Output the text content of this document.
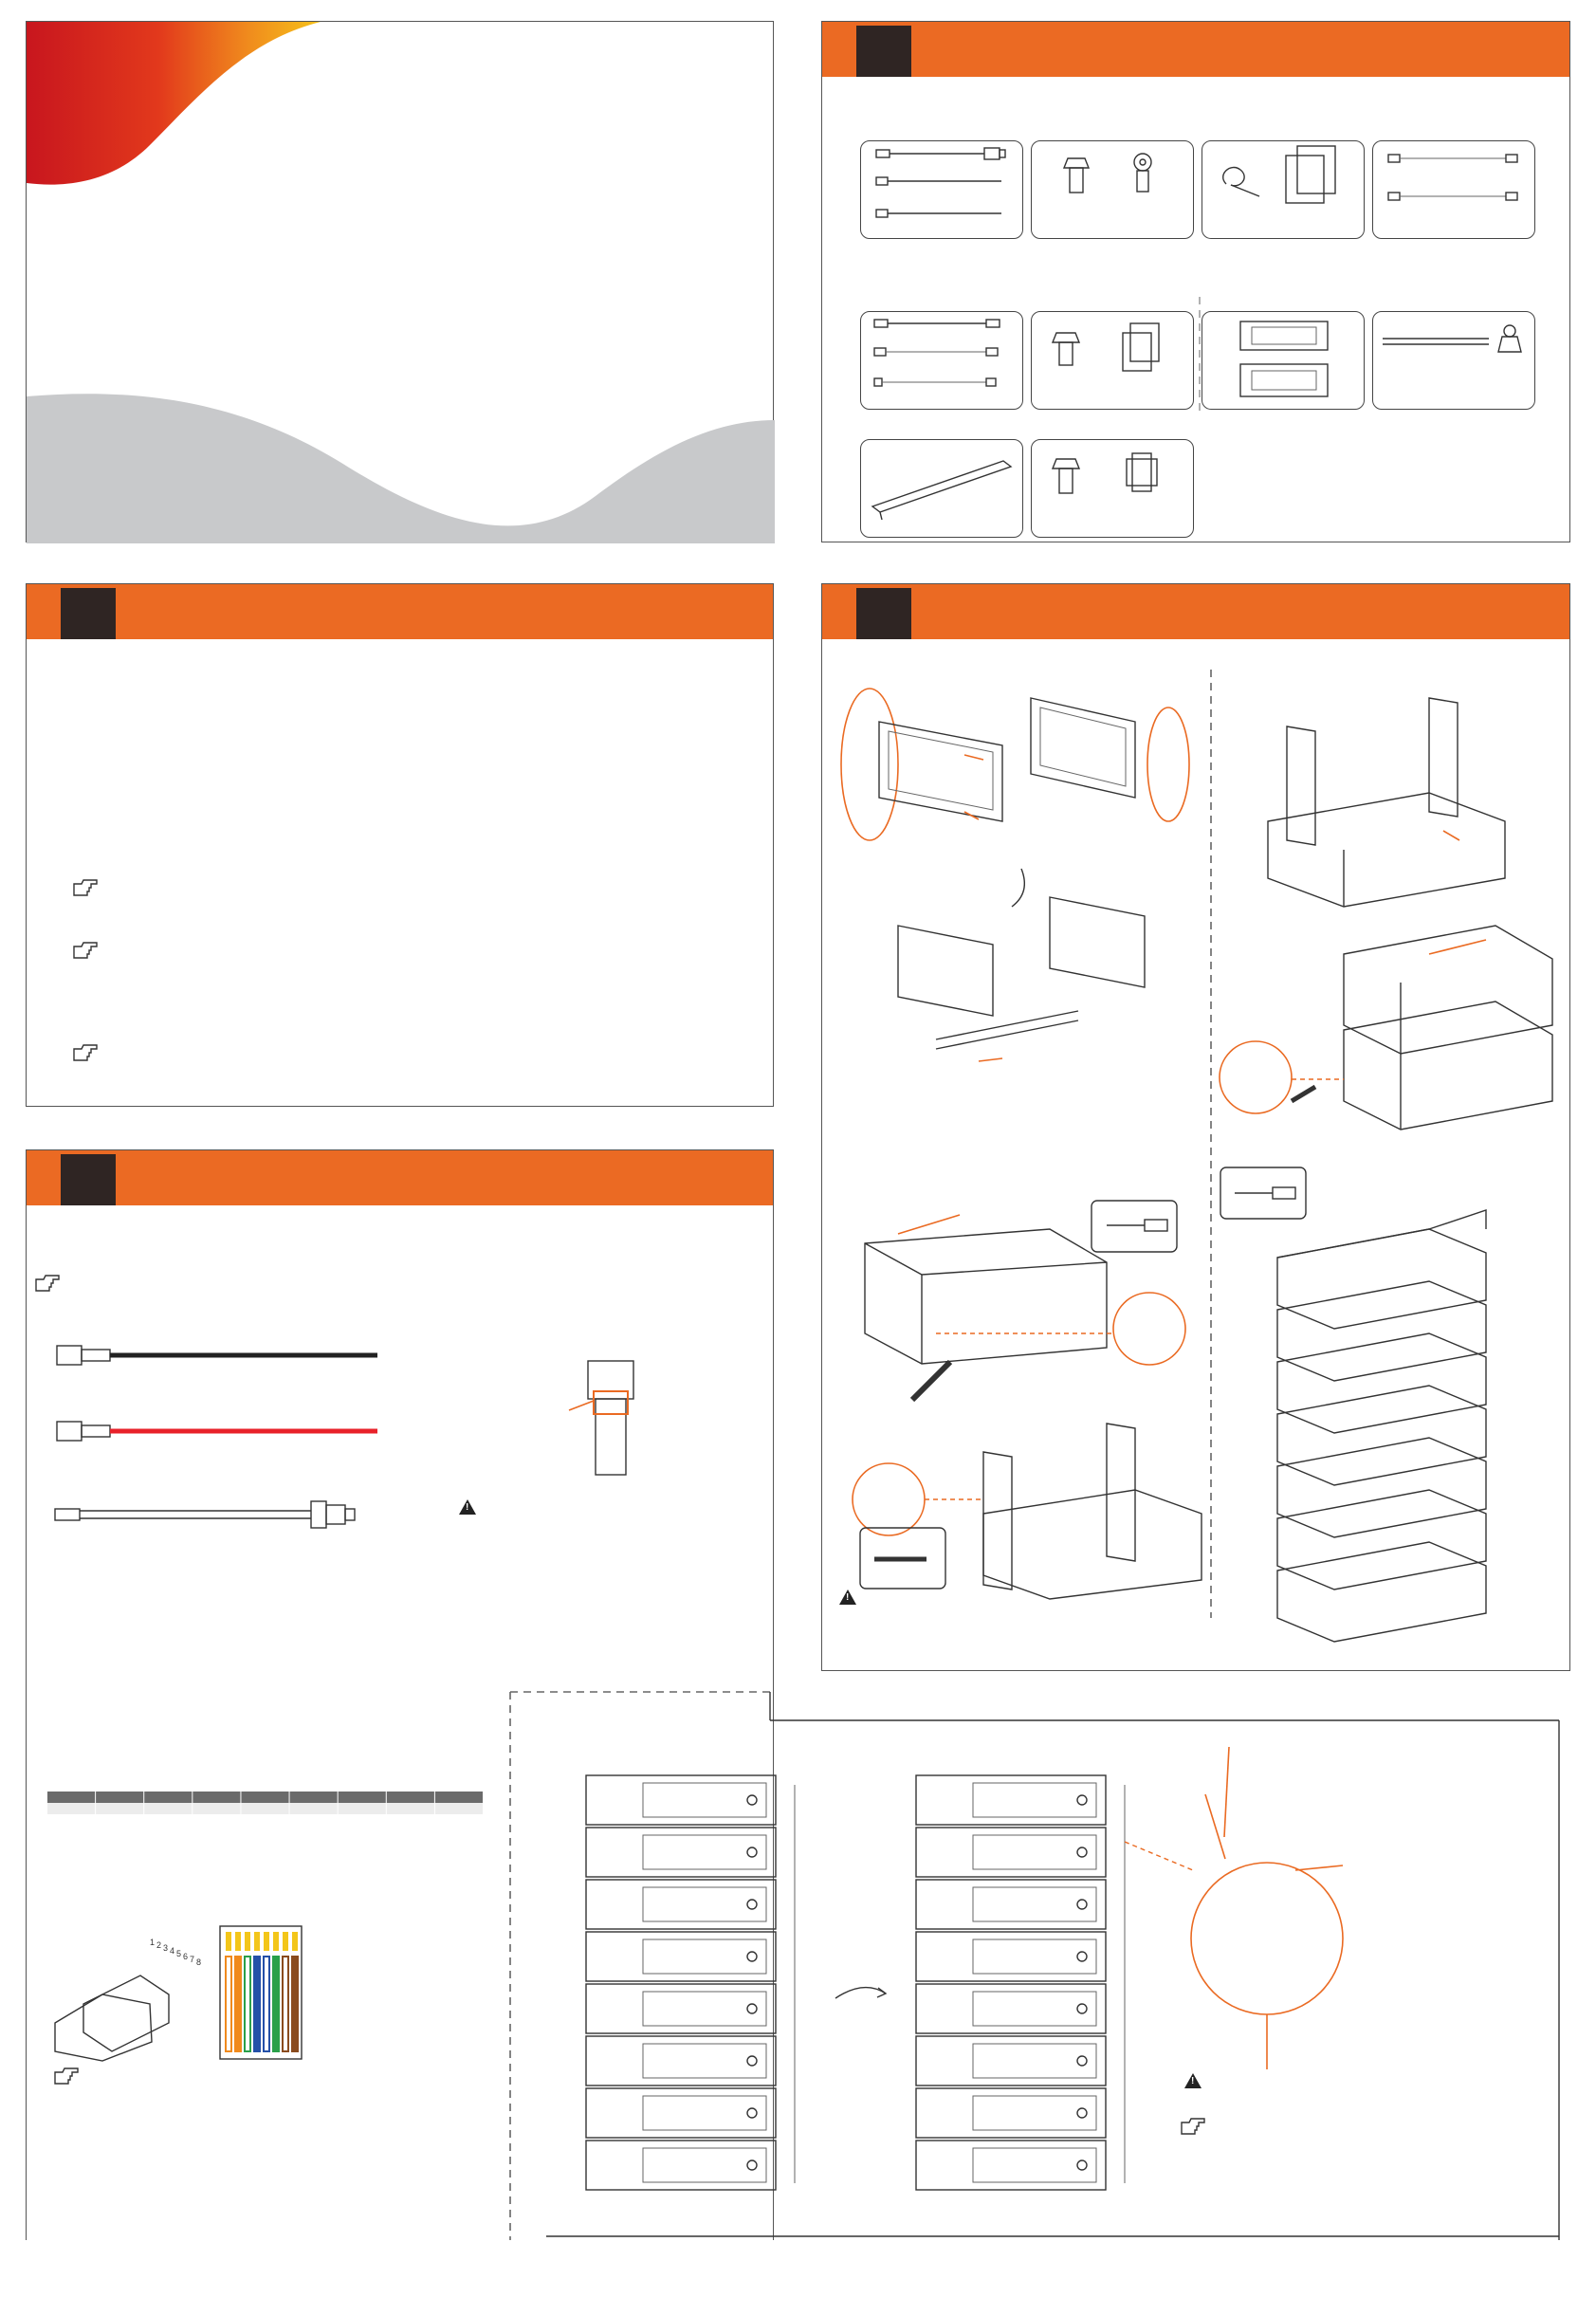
!
1 2 3 4 5 6 7 8
!
!
